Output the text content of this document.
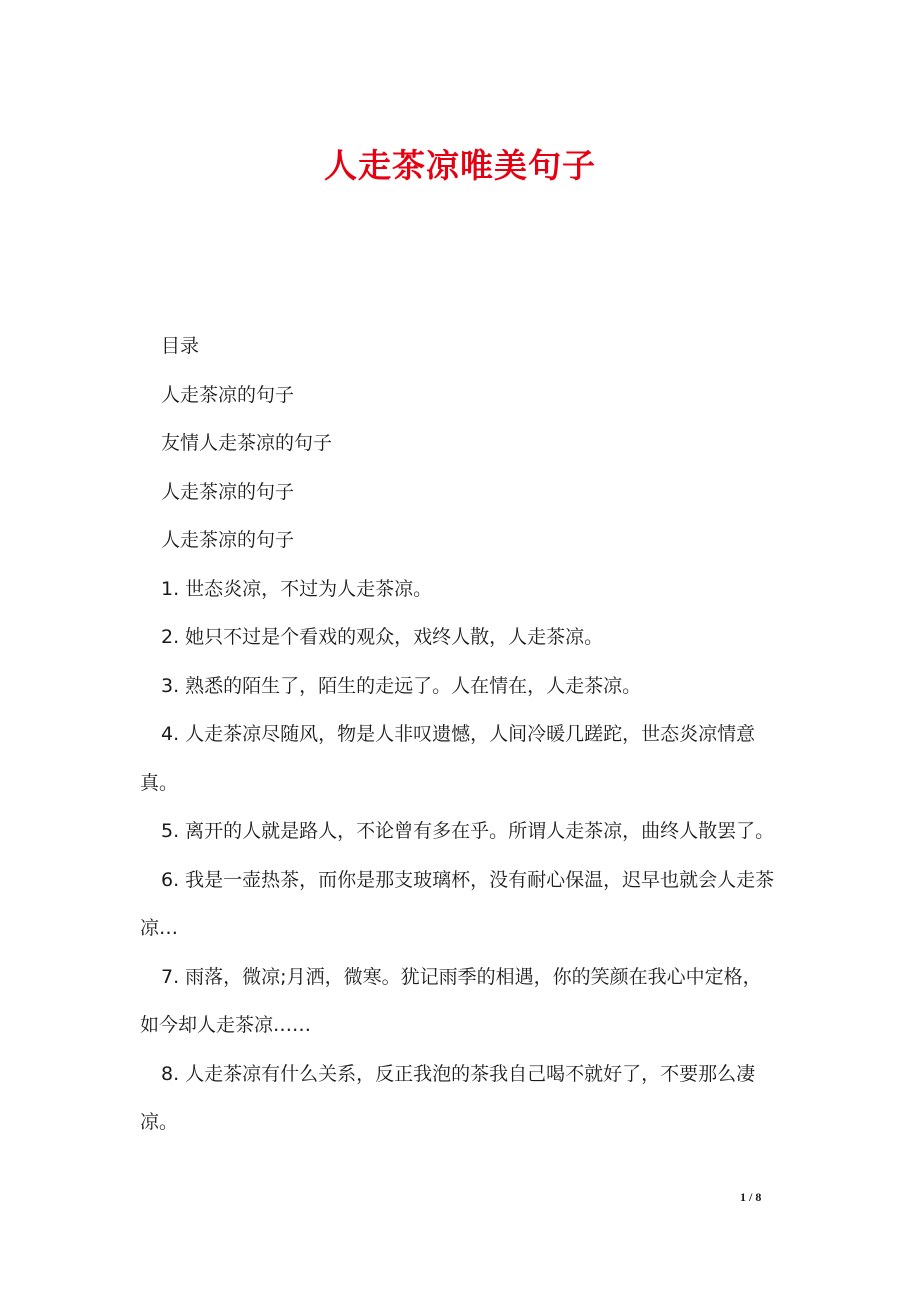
人走茶凉唯美句子

目录

人走茶凉的句子

友情人走茶凉的句子

人走茶凉的句子

人走茶凉的句子

1. 世态炎凉，不过为人走茶凉。

2. 她只不过是个看戏的观众，戏终人散，人走茶凉。

3. 熟悉的陌生了，陌生的走远了。人在情在，人走茶凉。

4. 人走茶凉尽随风，物是人非叹遗憾，人间冷暖几蹉跎，世态炎凉情意真。

5. 离开的人就是路人，不论曾有多在乎。所谓人走茶凉，曲终人散罢了。

6. 我是一壶热茶，而你是那支玻璃杯，没有耐心保温，迟早也就会人走茶凉…

7. 雨落，微凉;月洒，微寒。犹记雨季的相遇，你的笑颜在我心中定格，如今却人走茶凉……

8. 人走茶凉有什么关系，反正我泡的茶我自己喝不就好了，不要那么凄凉。

1 / 8
